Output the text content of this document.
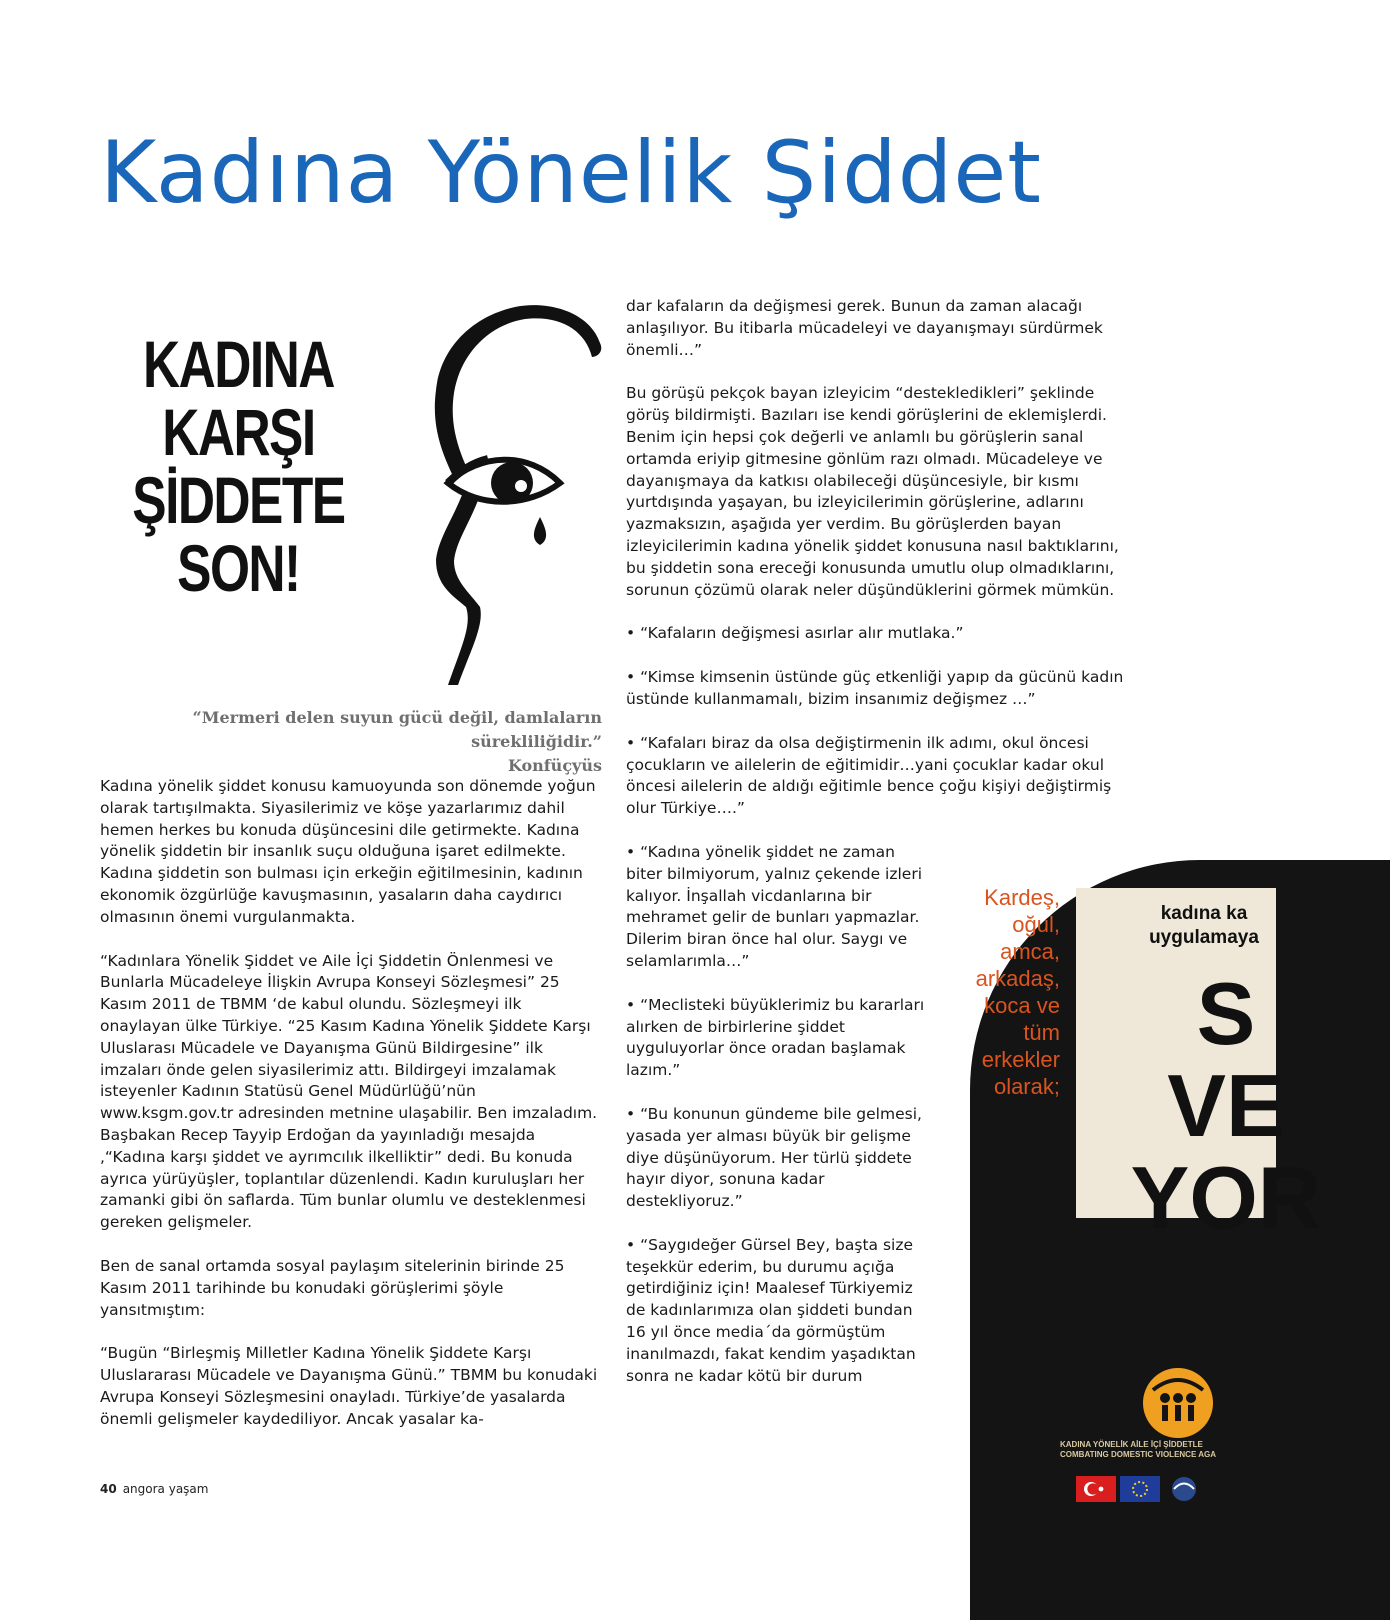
Kadına Yönelik Şiddet
KADINA
KARŞI
ŞİDDETE
SON!
“Mermeri delen suyun gücü değil, damlaların sürekliliğidir.”
Konfüçyüs

Kadına yönelik şiddet konusu kamuoyunda son dönemde yoğun olarak tartışılmakta. Siyasilerimiz ve köşe yazarlarımız dahil hemen herkes bu konuda düşüncesini dile getirmekte. Kadına yönelik şiddetin bir insanlık suçu olduğuna işaret edilmekte. Kadına şiddetin son bulması için erkeğin eğitilmesinin, kadının ekonomik özgürlüğe kavuşmasının, yasaların daha caydırıcı olmasının önemi vurgulanmakta.

“Kadınlara Yönelik Şiddet ve Aile İçi Şiddetin Önlenmesi ve Bunlarla Mücadeleye İlişkin Avrupa Konseyi Sözleşmesi” 25 Kasım 2011 de TBMM ‘de kabul olundu. Sözleşmeyi ilk onaylayan ülke Türkiye. “25 Kasım Kadına Yönelik Şiddete Karşı Uluslarası Mücadele ve Dayanışma Günü Bildirgesine” ilk imzaları önde gelen siyasilerimiz attı. Bildirgeyi imzalamak isteyenler Kadının Statüsü Genel Müdürlüğü’nün www.ksgm.gov.tr adresinden metnine ulaşabilir. Ben imzaladım. Başbakan Recep Tayyip Erdoğan da yayınladığı mesajda ,“Kadına karşı şiddet ve ayrımcılık ilkelliktir” dedi. Bu konuda ayrıca yürüyüşler, toplantılar düzenlendi. Kadın kuruluşları her zamanki gibi ön saflarda. Tüm bunlar olumlu ve desteklenmesi gereken gelişmeler.

Ben de sanal ortamda sosyal paylaşım sitelerinin birinde 25 Kasım 2011 tarihinde bu konudaki görüşlerimi şöyle yansıtmıştım:

“Bugün “Birleşmiş Milletler Kadına Yönelik Şiddete Karşı Uluslararası Mücadele ve Dayanışma Günü.” TBMM bu konudaki Avrupa Konseyi Sözleşmesini onayladı. Türkiye’de yasalarda önemli gelişmeler kaydediliyor. Ancak yasalar ka-

dar kafaların da değişmesi gerek. Bunun da zaman alacağı anlaşılıyor. Bu itibarla mücadeleyi ve dayanışmayı sürdürmek önemli…”

Bu görüşü pekçok bayan izleyicim “destekledikleri” şeklinde görüş bildirmişti. Bazıları ise kendi görüşlerini de eklemişlerdi. Benim için hepsi çok değerli ve anlamlı bu görüşlerin sanal ortamda eriyip gitmesine gönlüm razı olmadı. Mücadeleye ve dayanışmaya da katkısı olabileceği düşüncesiyle, bir kısmı yurtdışında yaşayan, bu izleyicilerimin görüşlerine, adlarını yazmaksızın, aşağıda yer verdim. Bu görüşlerden bayan izleyicilerimin kadına yönelik şiddet konusuna nasıl baktıklarını, bu şiddetin sona ereceği konusunda umutlu olup olmadıklarını, sorunun çözümü olarak neler düşündüklerini görmek mümkün.

• “Kafaların değişmesi asırlar alır mutlaka.”

• “Kimse kimsenin üstünde güç etkenliği yapıp da gücünü kadın üstünde kullanmamalı, bizim insanımiz değişmez …”

• “Kafaları biraz da olsa değiştirmenin ilk adımı, okul öncesi çocukların ve ailelerin de eğitimidir…yani çocuklar kadar okul öncesi ailelerin de aldığı eğitimle bence çoğu kişiyi değiştirmiş olur Türkiye….”

• “Kadına yönelik şiddet ne zaman biter bilmiyorum, yalnız çekende izleri kalıyor. İnşallah vicdanlarına bir mehramet gelir de bunları yapmazlar. Dilerim biran önce hal olur. Saygı ve selamlarımla…”

• “Meclisteki büyüklerimiz bu kararları alırken de birbirlerine şiddet uyguluyorlar önce oradan başlamak lazım.”

• “Bu konunun gündeme bile gelmesi, yasada yer alması büyük bir gelişme diye düşünüyorum. Her türlü şiddete hayır diyor, sonuna kadar destekliyoruz.”

• “Saygıdeğer Gürsel Bey, başta size teşekkür ederim, bu durumu açığa getirdiğiniz için! Maalesef Türkiyemiz de kadınlarımıza olan şiddeti bundan 16 yıl önce media´da görmüştüm inanılmazdı, fakat kendim yaşadıktan sonra ne kadar kötü bir durum

kadına ka
uygulamaya
S
VE
YOR
KADINA YÖNELİK AİLE İÇİ ŞİDDETLE
COMBATING DOMESTIC VIOLENCE AGA
Kardeş,
oğul,
amca,
arkadaş,
koca ve
tüm
erkekler
olarak;
40 angora yaşam
